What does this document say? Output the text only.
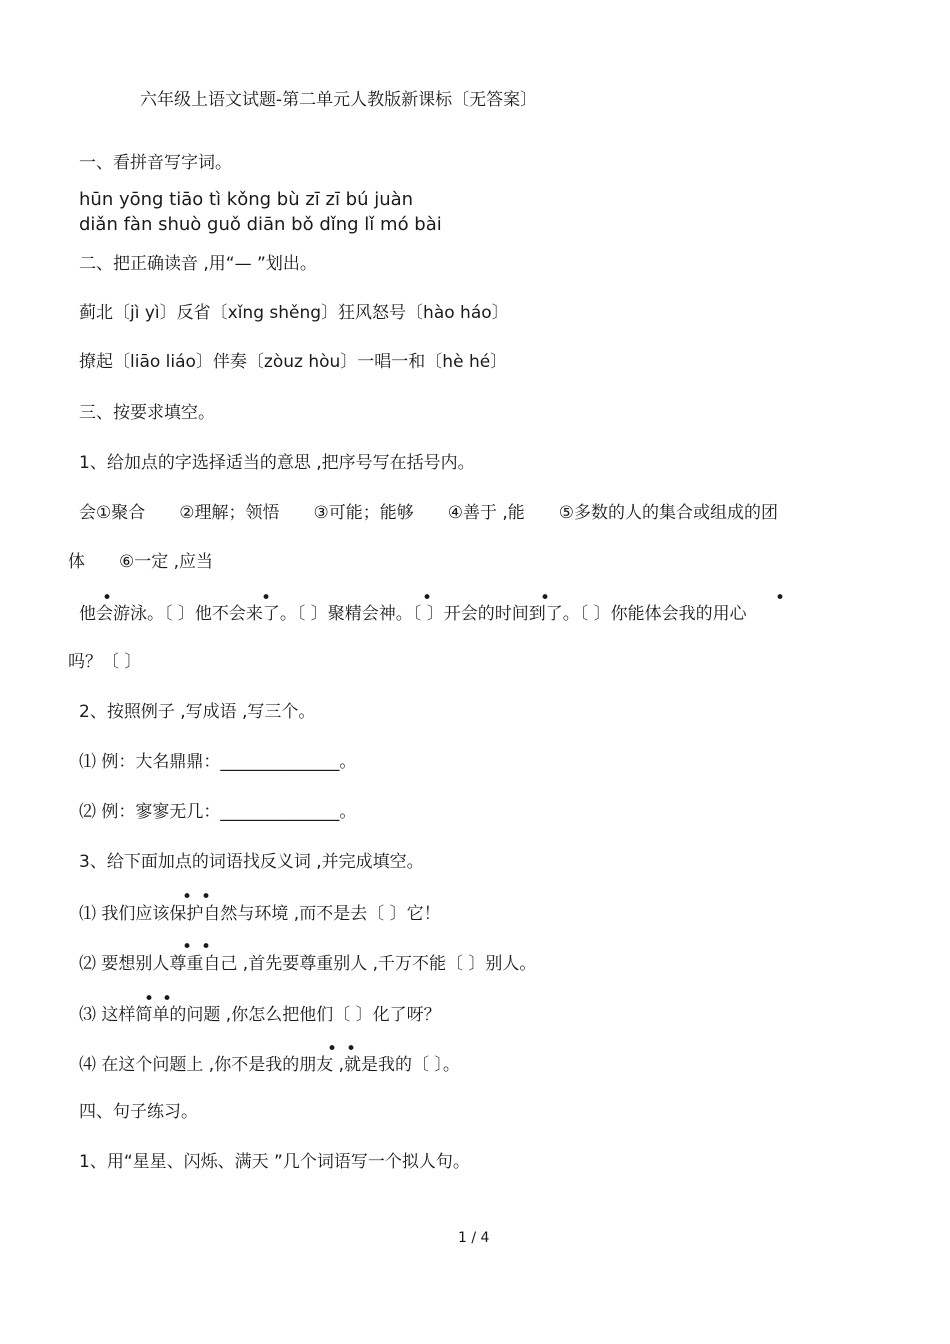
六年级上语文试题-第二单元人教版新课标〔无答案〕
一、看拼音写字词。
hūn yōng tiāo tì kǒng bù zī zī bú juàn
diǎn fàn shuò guǒ diān bǒ dǐng lǐ mó bài
二、把正确读音 ,用“— ”划出。
蓟北〔jì yì〕反省〔xǐng shěng〕狂风怒号〔hào háo〕
撩起〔liāo liáo〕伴奏〔zòuz hòu〕一唱一和〔hè hé〕
三、按要求填空。
1、给加点的字选择适当的意思 ,把序号写在括号内。
会①聚合　　②理解；领悟　　③可能；能够　　④善于 ,能　　⑤多数的人的集合或组成的团
体　　⑥一定 ,应当
•	•	•	•	•
他会游泳。〔 〕他不会来了。〔 〕聚精会神。〔 〕开会的时间到了。〔 〕你能体会我的用心
吗？〔 〕
2、按照例子 ,写成语 ,写三个。
⑴ 例：大名鼎鼎：______________。
⑵ 例：寥寥无几：______________。
3、给下面加点的词语找反义词 ,并完成填空。
• •
⑴ 我们应该保护自然与环境 ,而不是去〔 〕它！
• •
⑵ 要想别人尊重自己 ,首先要尊重别人 ,千万不能〔 〕别人。
• •
⑶ 这样简单的问题 ,你怎么把他们〔 〕化了呀？
• •
⑷ 在这个问题上 ,你不是我的朋友 ,就是我的〔 〕。
四、句子练习。
1、用“星星、闪烁、满天 ”几个词语写一个拟人句。
1 / 4
